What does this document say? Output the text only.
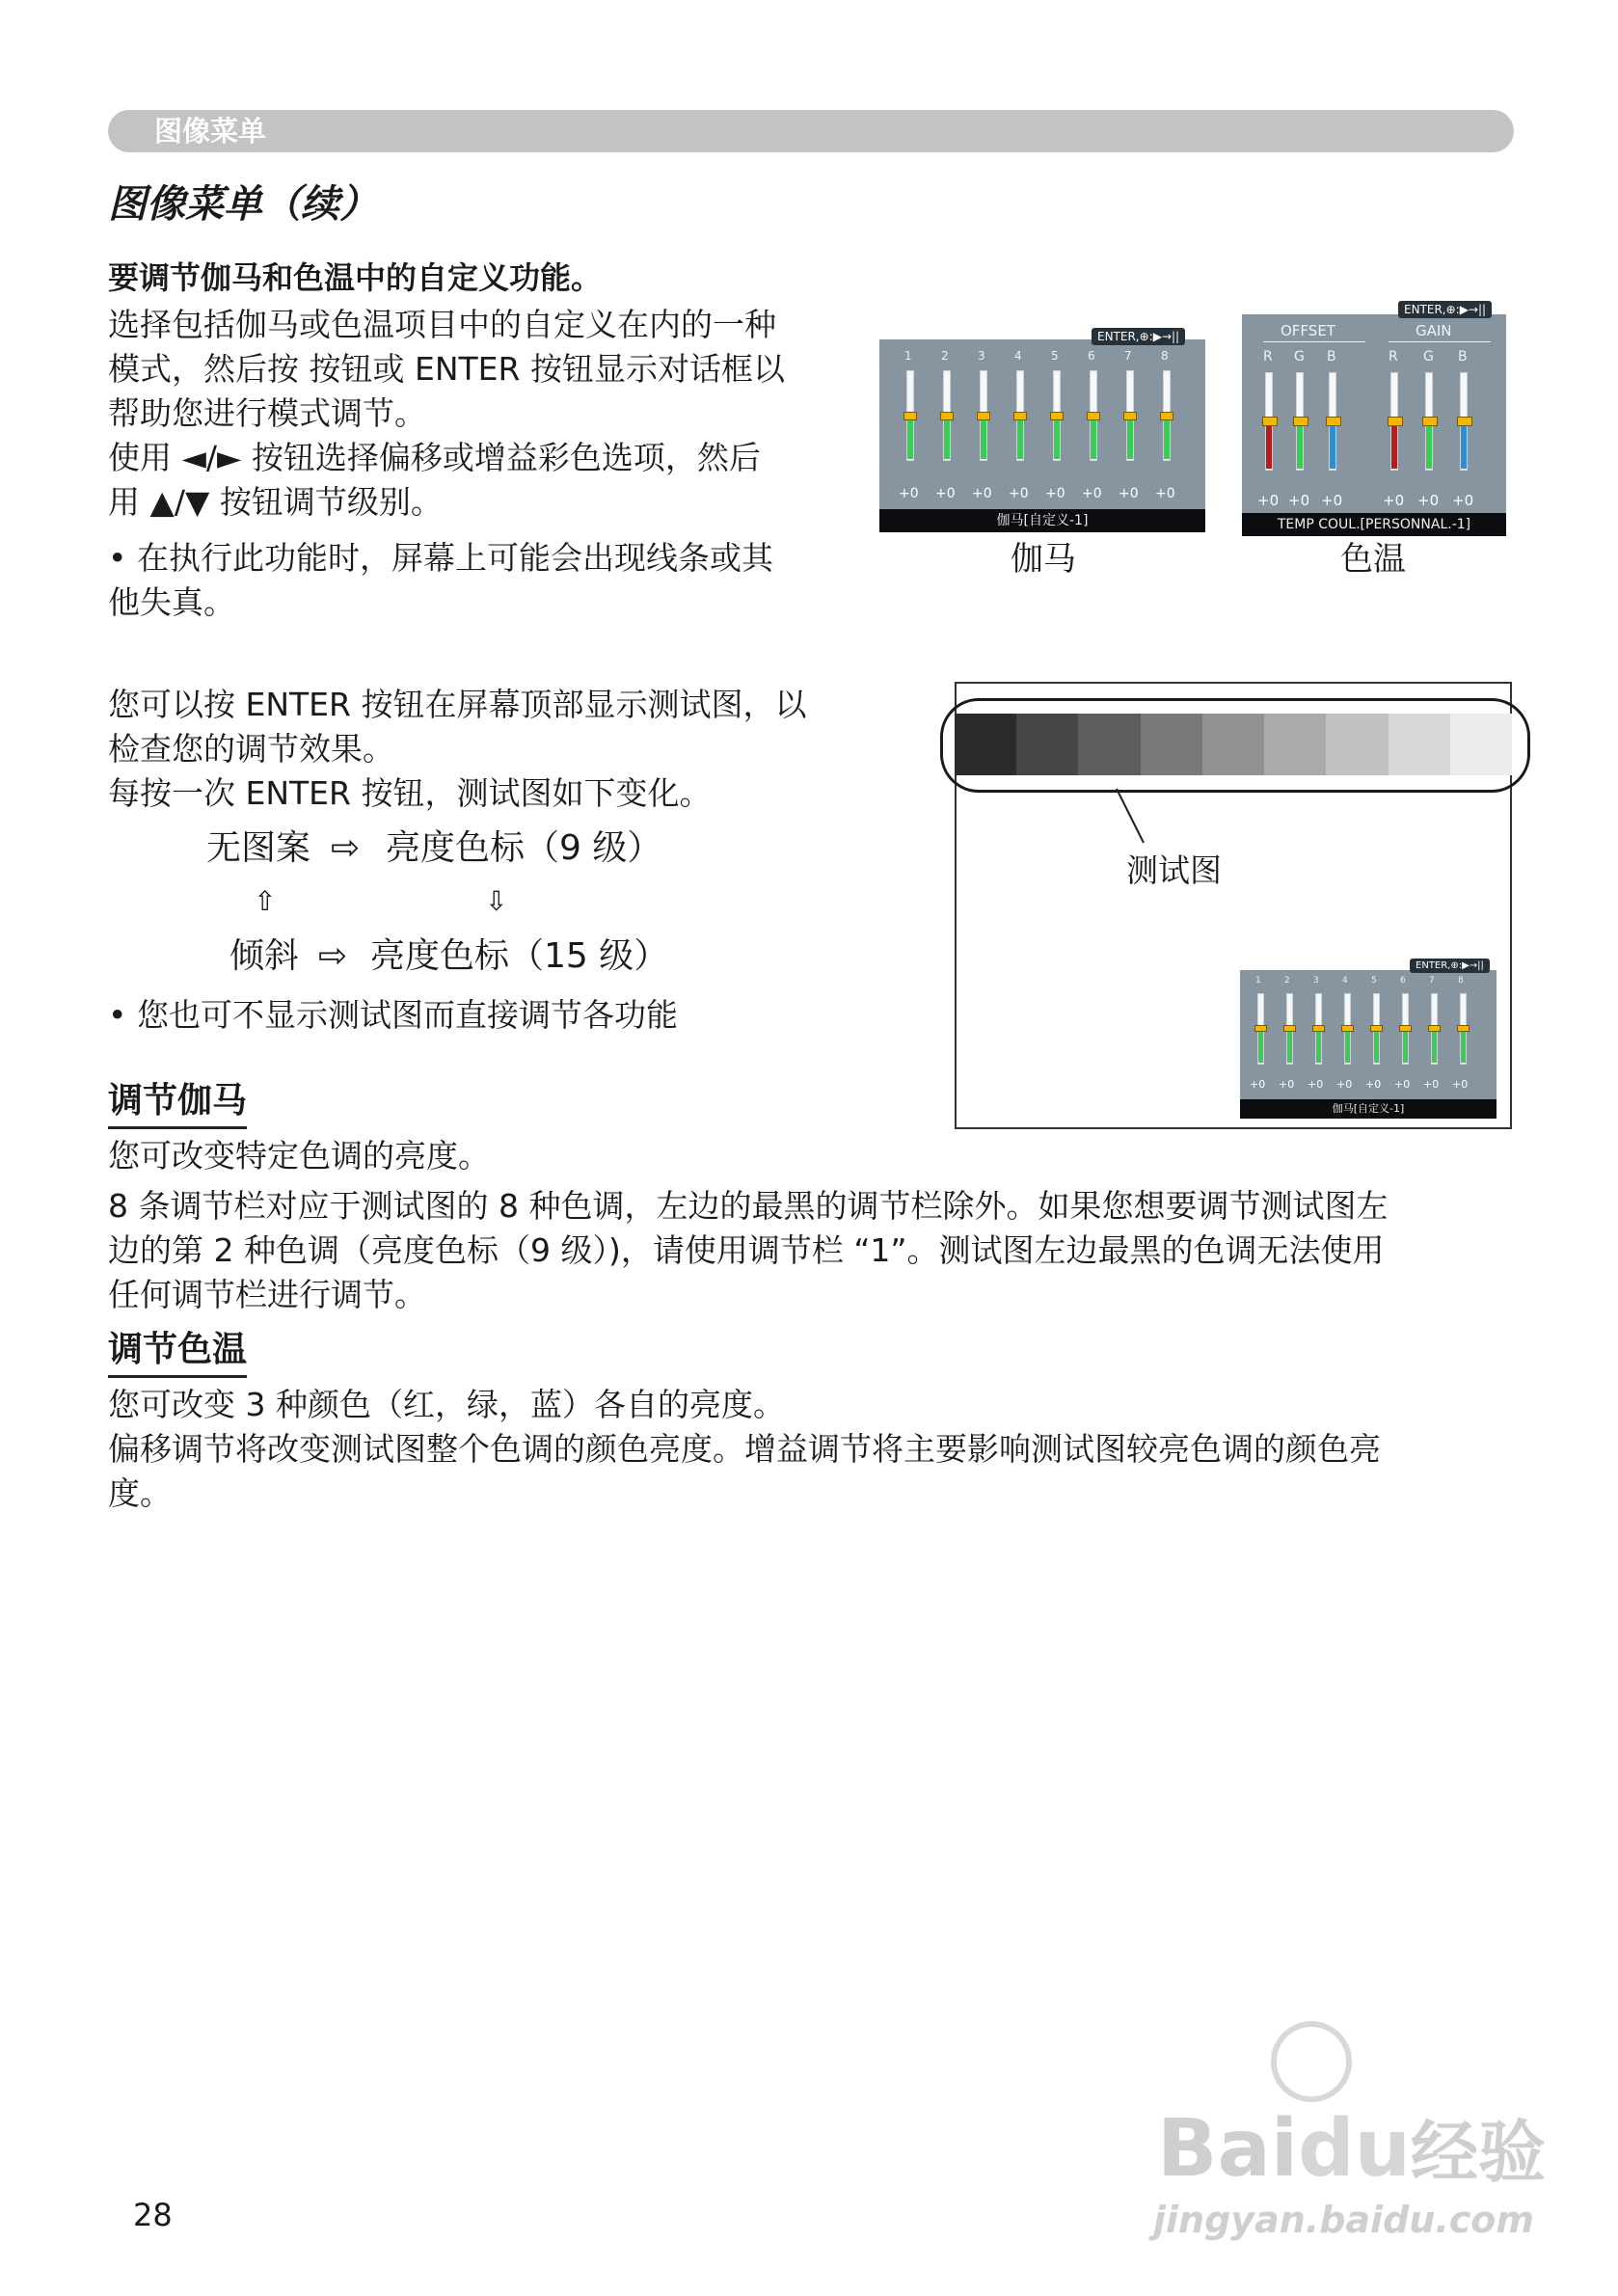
图像菜单
图像菜单（续）
要调节伽马和色温中的自定义功能。
选择包括伽马或色温项目中的自定义在内的一种
模式，然后按 按钮或 ENTER 按钮显示对话框以
帮助您进行模式调节。
使用 ◄/► 按钮选择偏移或增益彩色选项，然后
用 ▲/▼ 按钮调节级别。
• 在执行此功能时，屏幕上可能会出现线条或其
他失真。
1
+0
2
+0
3
+0
4
+0
5
+0
6
+0
7
+0
8
+0
ENTER,⊕:▶→||
伽马[自定义-1]
伽马
OFFSET	GAIN
R
+0
G
+0
B
+0
R
+0
G
+0
B
+0
ENTER,⊕:▶→||
TEMP COUL.[PERSONNAL.-1]
色温
您可以按 ENTER 按钮在屏幕顶部显示测试图，以
检查您的调节效果。
每按一次 ENTER 按钮，测试图如下变化。
无图案 ⇨ 亮度色标（9 级）
⇧	⇩
倾斜 ⇨ 亮度色标（15 级）
• 您也可不显示测试图而直接调节各功能
测试图
1
+0
2
+0
3
+0
4
+0
5
+0
6
+0
7
+0
8
+0
ENTER,⊕:▶→||
伽马[自定义-1]
调节伽马
您可改变特定色调的亮度。
8 条调节栏对应于测试图的 8 种色调，左边的最黑的调节栏除外。如果您想要调节测试图左
边的第 2 种色调（亮度色标（9 级）)，请使用调节栏 “1”。测试图左边最黑的色调无法使用
任何调节栏进行调节。
调节色温
您可改变 3 种颜色（红，绿，蓝）各自的亮度。
偏移调节将改变测试图整个色调的颜色亮度。增益调节将主要影响测试图较亮色调的颜色亮
度。
28
Baidu经验
jingyan.baidu.com
